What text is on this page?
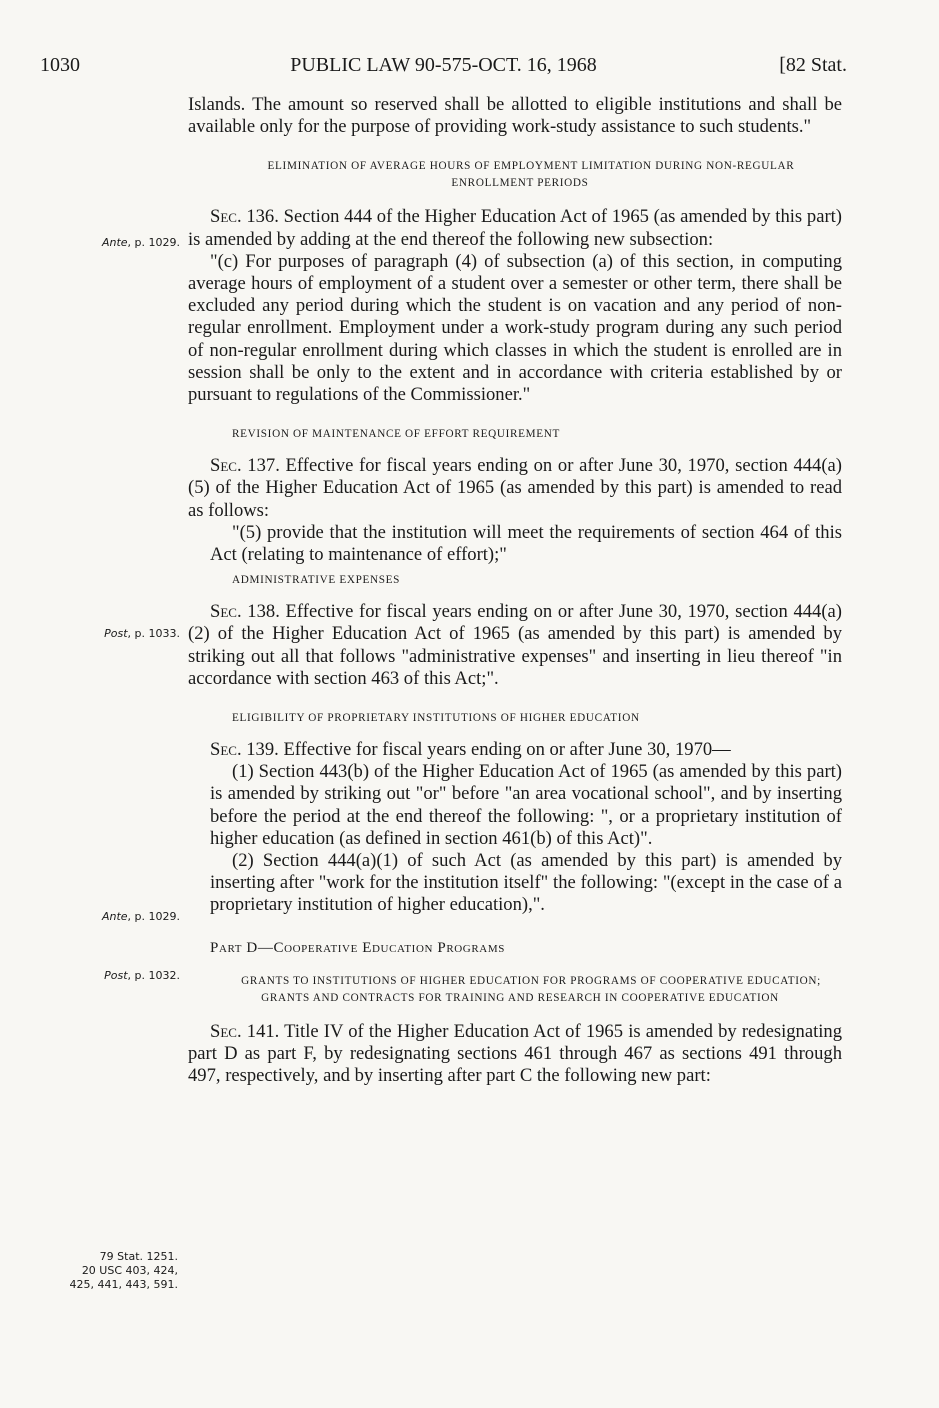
1030	PUBLIC LAW 90-575-OCT. 16, 1968	[82 Stat.
Ante, p. 1029.
Post, p. 1033.
Ante, p. 1029.
Post, p. 1032.
79 Stat. 1251.
20 USC 403, 424,
425, 441, 443, 591.

Islands. The amount so reserved shall be allotted to eligible institutions and shall be available only for the purpose of providing work-study assistance to such students."

ELIMINATION OF AVERAGE HOURS OF EMPLOYMENT LIMITATION DURING NON-REGULAR ENROLLMENT PERIODS

Sec. 136. Section 444 of the Higher Education Act of 1965 (as amended by this part) is amended by adding at the end thereof the following new subsection:

"(c) For purposes of paragraph (4) of subsection (a) of this section, in computing average hours of employment of a student over a semester or other term, there shall be excluded any period during which the student is on vacation and any period of non-regular enrollment. Employment under a work-study program during any such period of non-regular enrollment during which classes in which the student is enrolled are in session shall be only to the extent and in accordance with criteria established by or pursuant to regulations of the Commissioner."

REVISION OF MAINTENANCE OF EFFORT REQUIREMENT

Sec. 137. Effective for fiscal years ending on or after June 30, 1970, section 444(a)(5) of the Higher Education Act of 1965 (as amended by this part) is amended to read as follows:

"(5) provide that the institution will meet the requirements of section 464 of this Act (relating to maintenance of effort);"

ADMINISTRATIVE EXPENSES

Sec. 138. Effective for fiscal years ending on or after June 30, 1970, section 444(a)(2) of the Higher Education Act of 1965 (as amended by this part) is amended by striking out all that follows "administrative expenses" and inserting in lieu thereof "in accordance with section 463 of this Act;".

ELIGIBILITY OF PROPRIETARY INSTITUTIONS OF HIGHER EDUCATION

Sec. 139. Effective for fiscal years ending on or after June 30, 1970—

(1) Section 443(b) of the Higher Education Act of 1965 (as amended by this part) is amended by striking out "or" before "an area vocational school", and by inserting before the period at the end thereof the following: ", or a proprietary institution of higher education (as defined in section 461(b) of this Act)".

(2) Section 444(a)(1) of such Act (as amended by this part) is amended by inserting after "work for the institution itself" the following: "(except in the case of a proprietary institution of higher education),".

Part D—Cooperative Education Programs

GRANTS TO INSTITUTIONS OF HIGHER EDUCATION FOR PROGRAMS OF COOPERATIVE EDUCATION; GRANTS AND CONTRACTS FOR TRAINING AND RESEARCH IN COOPERATIVE EDUCATION

Sec. 141. Title IV of the Higher Education Act of 1965 is amended by redesignating part D as part F, by redesignating sections 461 through 467 as sections 491 through 497, respectively, and by inserting after part C the following new part:
